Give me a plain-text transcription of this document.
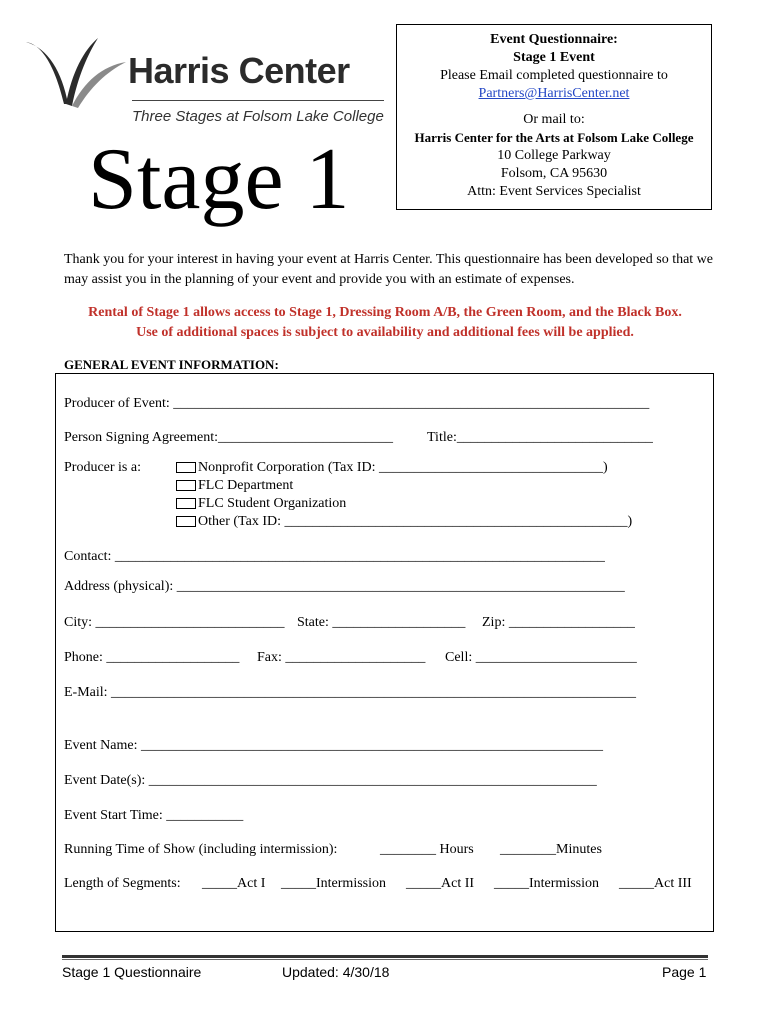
Harris Center
Three Stages at Folsom Lake College
Stage 1
Event Questionnaire:
Stage 1 Event
Please Email completed questionnaire to
Partners@HarrisCenter.net
Or mail to:
Harris Center for the Arts at Folsom Lake College
10 College Parkway
Folsom, CA 95630
Attn: Event Services Specialist
Thank you for your interest in having your event at Harris Center. This questionnaire has been developed so that we may assist you in the planning of your event and provide you with an estimate of expenses.
Rental of Stage 1 allows access to Stage 1, Dressing Room A/B, the Green Room, and the Black Box.
Use of additional spaces is subject to availability and additional fees will be applied.
GENERAL EVENT INFORMATION:
Producer of Event: ____________________________________________________________________
Person Signing Agreement:_________________________ Title:____________________________
Producer is a:	Nonprofit Corporation (Tax ID: ________________________________)
FLC Department
FLC Student Organization
Other (Tax ID: _________________________________________________)
Contact: ______________________________________________________________________
Address (physical): ________________________________________________________________
City: ___________________________ State: ___________________ Zip: __________________
Phone: ___________________ Fax: ____________________ Cell: _______________________
E-Mail: ___________________________________________________________________________
Event Name: __________________________________________________________________
Event Date(s): ________________________________________________________________
Event Start Time: ___________
Running Time of Show (including intermission):	________ Hours ________Minutes
Length of Segments: _____Act I _____Intermission _____Act II _____Intermission _____Act III
Stage 1 Questionnaire	Updated: 4/30/18	Page 1
